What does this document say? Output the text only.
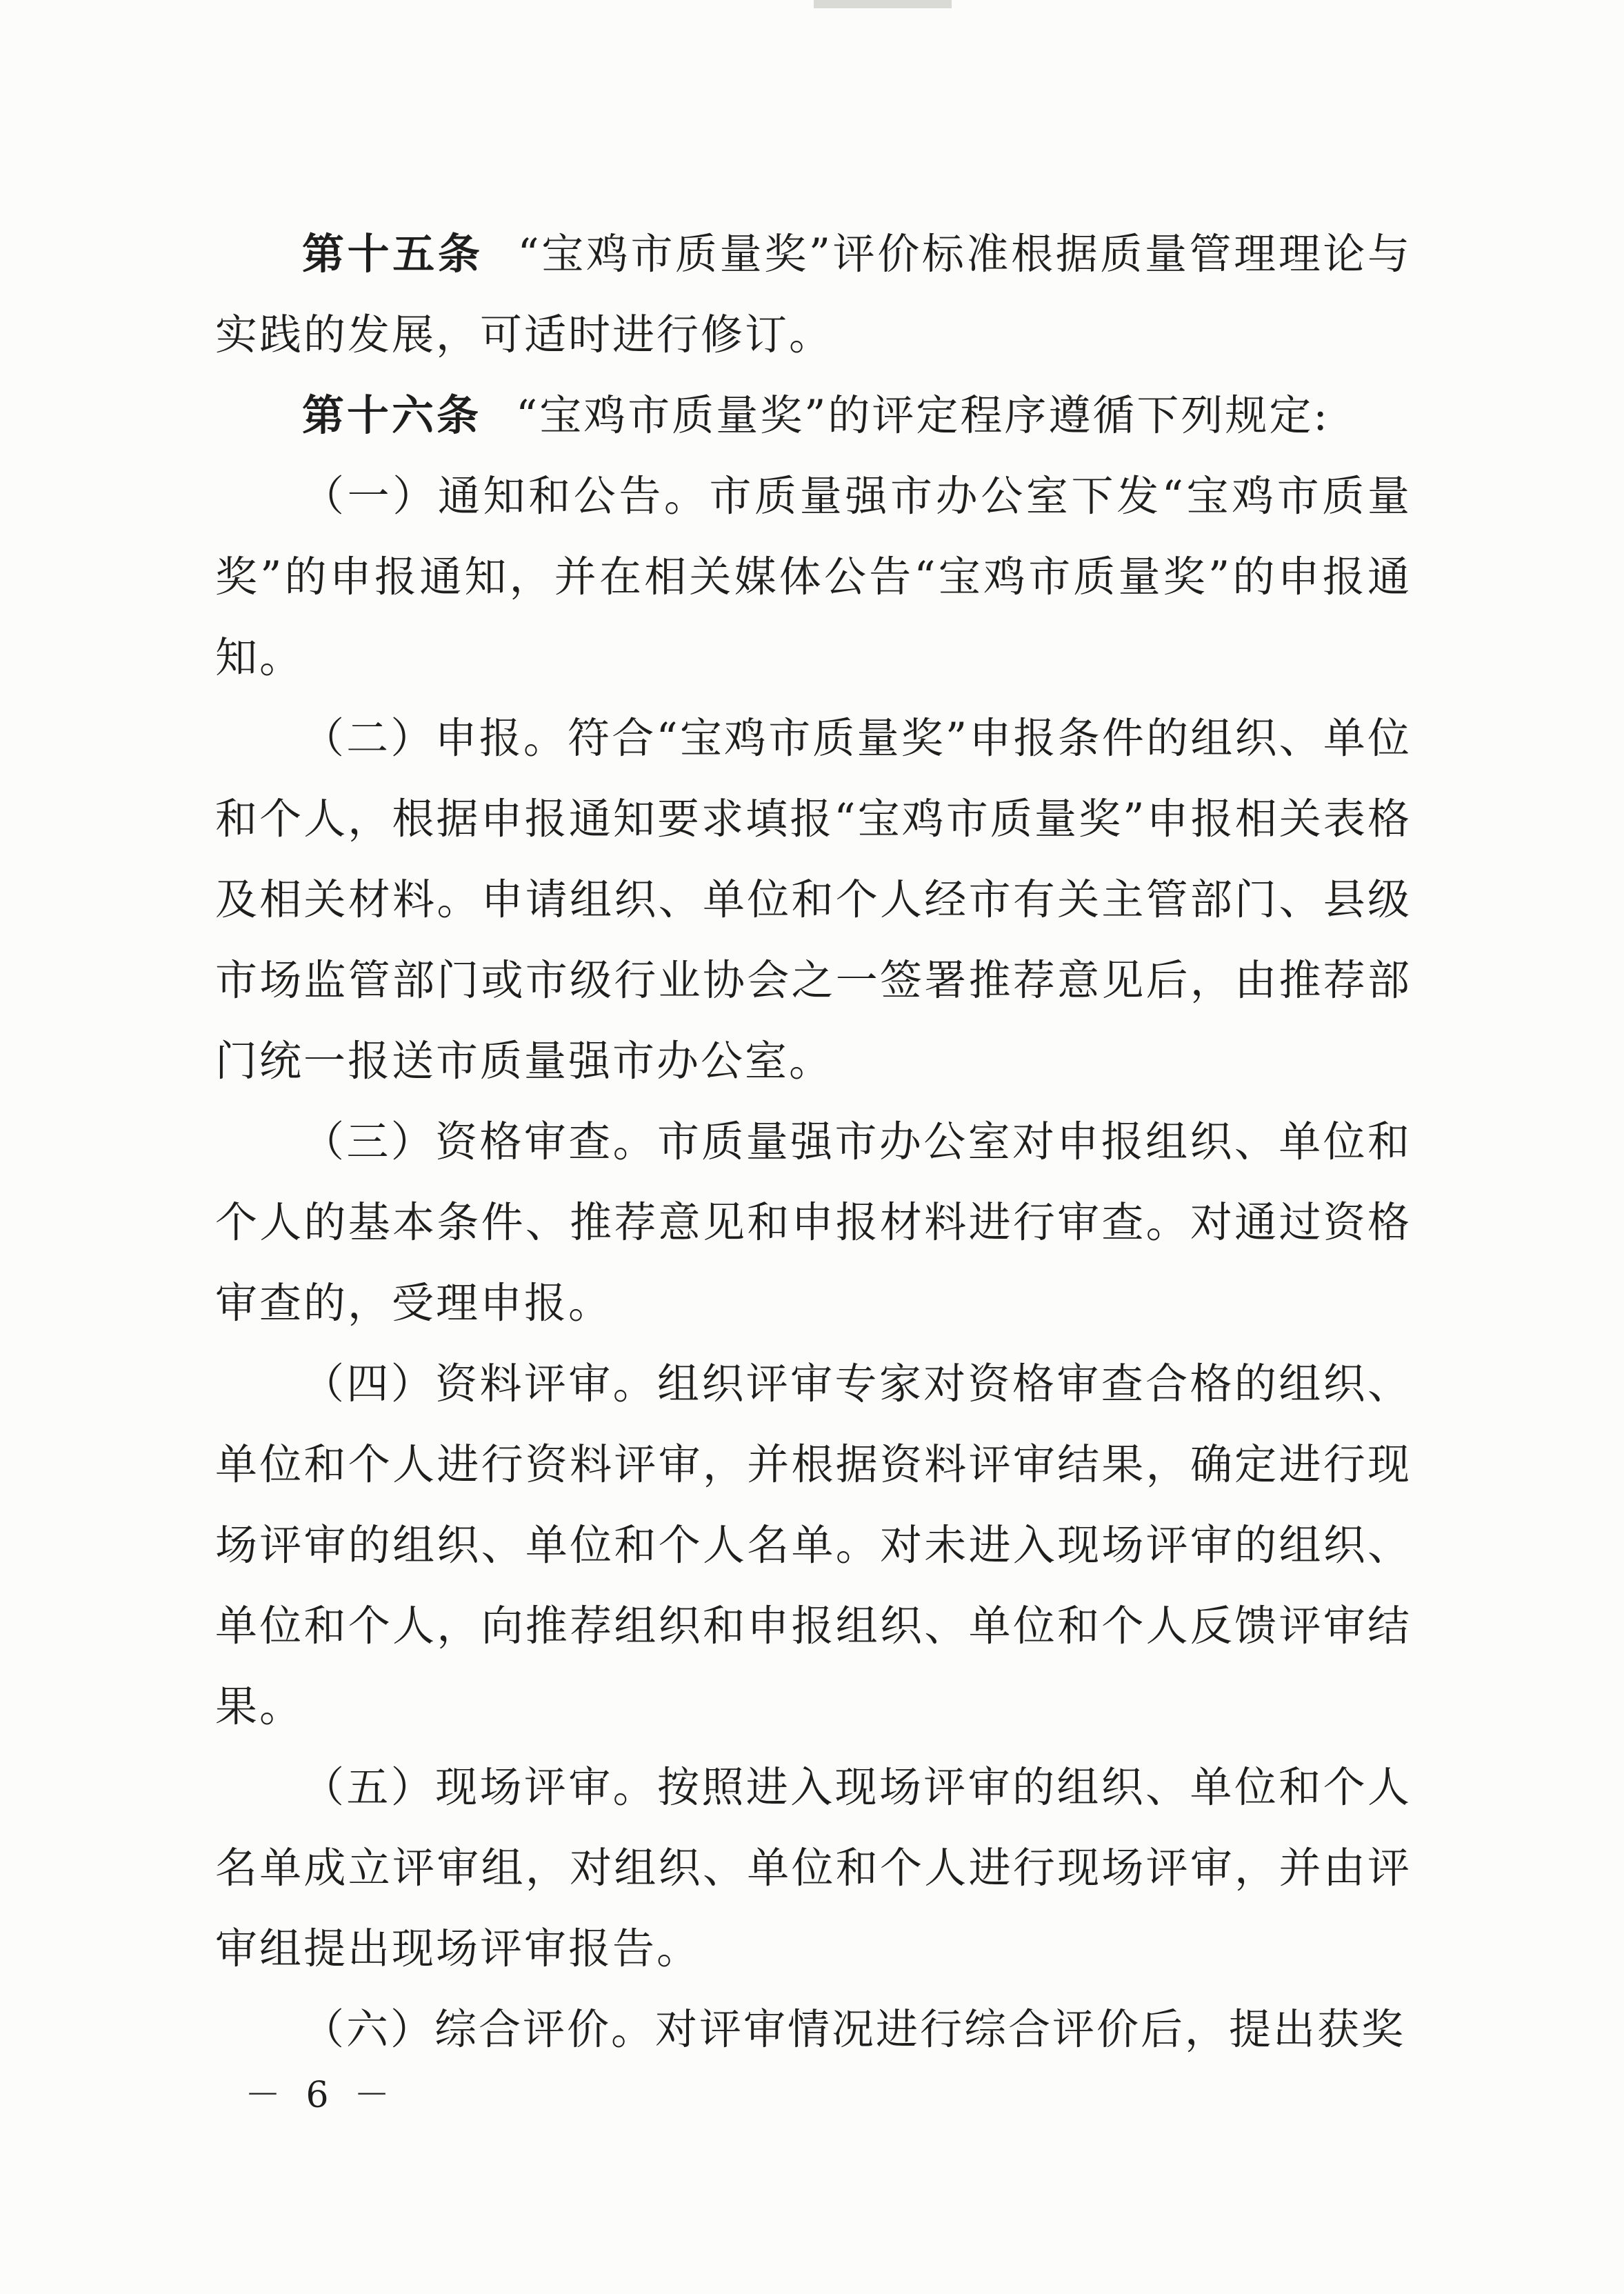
第十五条 “宝鸡市质量奖”评价标准根据质量管理理论与实践的发展，可适时进行修订。

第十六条 “宝鸡市质量奖”的评定程序遵循下列规定:

（一）通知和公告。市质量强市办公室下发“宝鸡市质量奖”的申报通知，并在相关媒体公告“宝鸡市质量奖”的申报通知。

（二）申报。符合“宝鸡市质量奖”申报条件的组织、单位和个人，根据申报通知要求填报“宝鸡市质量奖”申报相关表格及相关材料。申请组织、单位和个人经市有关主管部门、县级市场监管部门或市级行业协会之一签署推荐意见后，由推荐部门统一报送市质量强市办公室。

（三）资格审查。市质量强市办公室对申报组织、单位和个人的基本条件、推荐意见和申报材料进行审查。对通过资格审查的，受理申报。

（四）资料评审。组织评审专家对资格审查合格的组织、单位和个人进行资料评审，并根据资料评审结果，确定进行现场评审的组织、单位和个人名单。对未进入现场评审的组织、单位和个人，向推荐组织和申报组织、单位和个人反馈评审结果。

（五）现场评审。按照进入现场评审的组织、单位和个人名单成立评审组，对组织、单位和个人进行现场评审，并由评审组提出现场评审报告。

（六）综合评价。对评审情况进行综合评价后，提出获奖

－ 6 －
